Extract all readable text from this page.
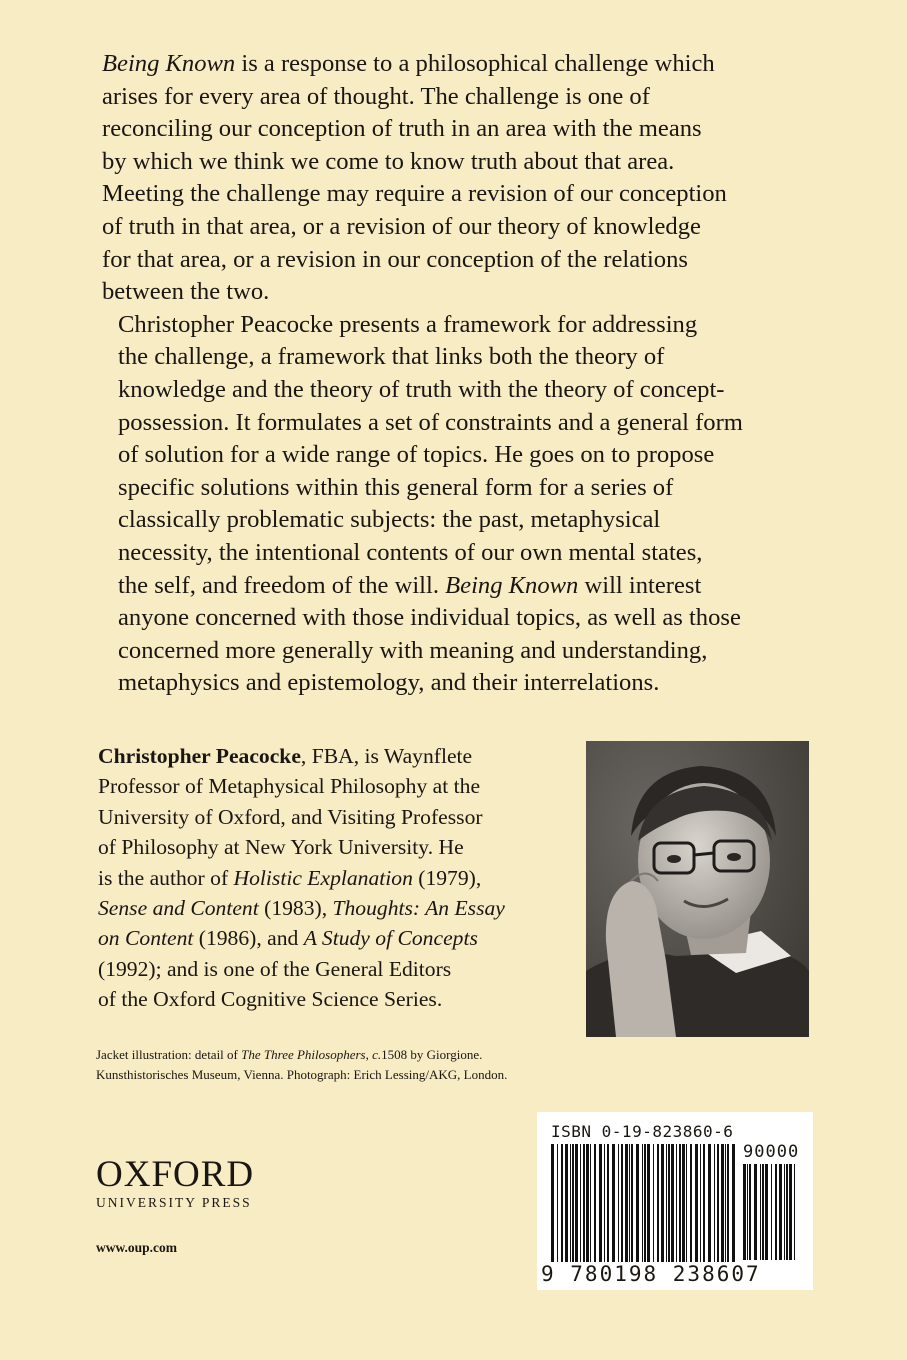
Being Known is a response to a philosophical challenge which
arises for every area of thought. The challenge is one of
reconciling our conception of truth in an area with the means
by which we think we come to know truth about that area.
Meeting the challenge may require a revision of our conception
of truth in that area, or a revision of our theory of knowledge
for that area, or a revision in our conception of the relations
between the two.

Christopher Peacocke presents a framework for addressing
the challenge, a framework that links both the theory of
knowledge and the theory of truth with the theory of concept-
possession. It formulates a set of constraints and a general form
of solution for a wide range of topics. He goes on to propose
specific solutions within this general form for a series of
classically problematic subjects: the past, metaphysical
necessity, the intentional contents of our own mental states,
the self, and freedom of the will. Being Known will interest
anyone concerned with those individual topics, as well as those
concerned more generally with meaning and understanding,
metaphysics and epistemology, and their interrelations.

Christopher Peacocke, FBA, is Waynflete
Professor of Metaphysical Philosophy at the
University of Oxford, and Visiting Professor
of Philosophy at New York University. He
is the author of Holistic Explanation (1979),
Sense and Content (1983), Thoughts: An Essay
on Content (1986), and A Study of Concepts
(1992); and is one of the General Editors
of the Oxford Cognitive Science Series.
Jacket illustration: detail of The Three Philosophers, c.1508 by Giorgione.
Kunsthistorisches Museum, Vienna. Photograph: Erich Lessing/AKG, London.
OXFORD
UNIVERSITY PRESS
www.oup.com
ISBN 0-19-823860-6
90000
9 780198 238607
